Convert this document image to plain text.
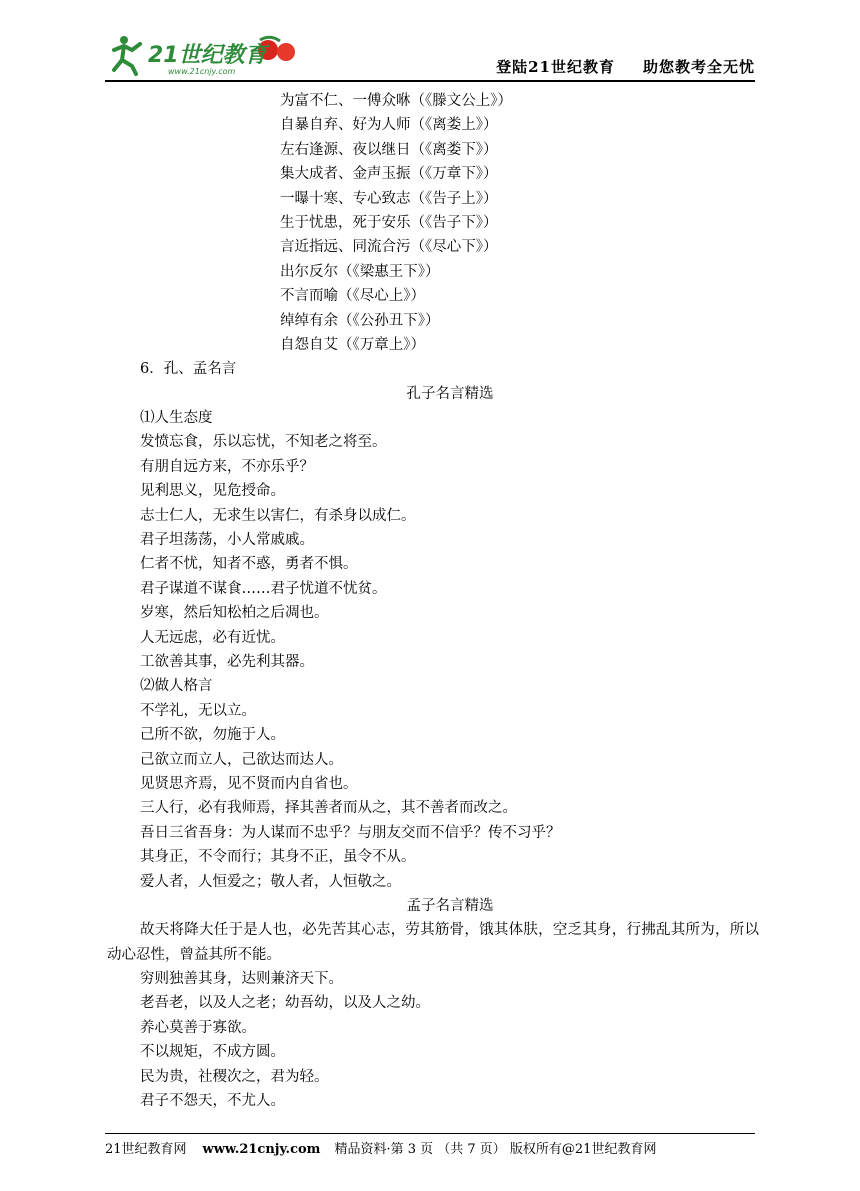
21世纪教育
www.21cnjy.com	登陆21世纪教育 助您教考全无忧
为富不仁、一傅众咻（《滕文公上》）
自暴自弃、好为人师（《离娄上》）
左右逢源、夜以继日（《离娄下》）
集大成者、金声玉振（《万章下》）
一曝十寒、专心致志（《告子上》）
生于忧患，死于安乐（《告子下》）
言近指远、同流合污（《尽心下》）
出尔反尔（《梁惠王下》）
不言而喻（《尽心上》）
绰绰有余（《公孙丑下》）
自怨自艾（《万章上》）
6．孔、孟名言
孔子名言精选
⑴人生态度
发愤忘食，乐以忘忧，不知老之将至。
有朋自远方来，不亦乐乎？
见利思义，见危授命。
志士仁人，无求生以害仁，有杀身以成仁。
君子坦荡荡，小人常戚戚。
仁者不忧，知者不惑，勇者不惧。
君子谋道不谋食……君子忧道不忧贫。
岁寒，然后知松柏之后凋也。
人无远虑，必有近忧。
工欲善其事，必先利其器。
⑵做人格言
不学礼，无以立。
己所不欲，勿施于人。
己欲立而立人，己欲达而达人。
见贤思齐焉，见不贤而内自省也。
三人行，必有我师焉，择其善者而从之，其不善者而改之。
吾日三省吾身：为人谋而不忠乎？与朋友交而不信乎？传不习乎？
其身正，不令而行；其身不正，虽令不从。
爱人者，人恒爱之；敬人者，人恒敬之。
孟子名言精选
故天将降大任于是人也，必先苦其心志，劳其筋骨，饿其体肤，空乏其身，行拂乱其所为，所以动心忍性，曾益其所不能。
穷则独善其身，达则兼济天下。
老吾老，以及人之老；幼吾幼，以及人之幼。
养心莫善于寡欲。
不以规矩，不成方圆。
民为贵，社稷次之，君为轻。
君子不怨天，不尤人。
21世纪教育网 www.21cnjy.com 精品资料·第 3 页 （共 7 页） 版权所有@21世纪教育网
